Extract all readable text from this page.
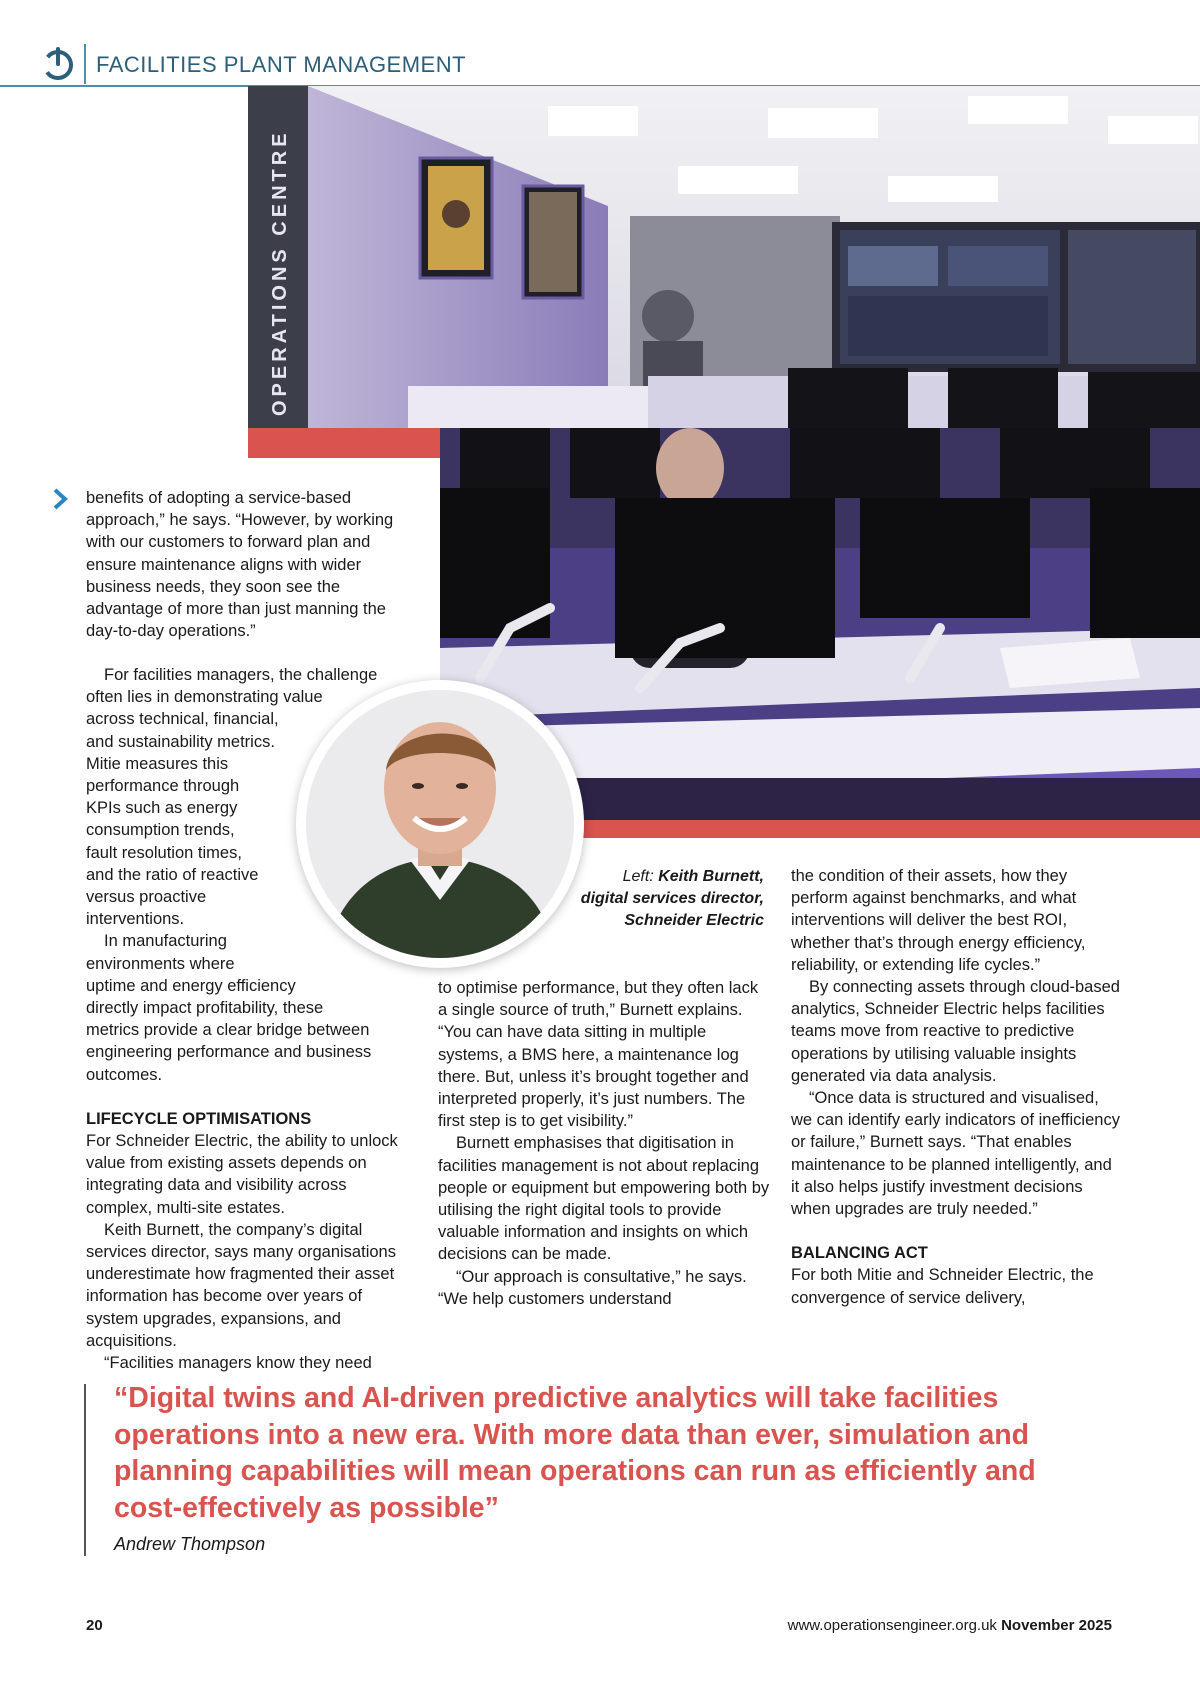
FACILITIES PLANT MANAGEMENT
OPERATIONS CENTRE

benefits of adopting a service-based approach,” he says. “However, by working with our customers to forward plan and ensure maintenance aligns with wider business needs, they soon see the advantage of more than just manning the day-to-day operations.”

For facilities managers, the challenge
often lies in demonstrating value
across technical, financial,
and sustainability metrics.
Mitie measures this
performance through
KPIs such as energy
consumption trends,
fault resolution times,
and the ratio of reactive
versus proactive
interventions.
In manufacturing
environments where
uptime and energy efficiency
directly impact profitability, these
metrics provide a clear bridge between
engineering performance and business
outcomes.
LIFECYCLE OPTIMISATIONS

For Schneider Electric, the ability to unlock value from existing assets depends on integrating data and visibility across complex, multi-site estates.

Keith Burnett, the company’s digital services director, says many organisations underestimate how fragmented their asset information has become over years of system upgrades, expansions, and acquisitions.

“Facilities managers know they need

Left: Keith Burnett,
digital services director,
Schneider Electric

to optimise performance, but they often lack a single source of truth,” Burnett explains. “You can have data sitting in multiple systems, a BMS here, a maintenance log there. But, unless it’s brought together and interpreted properly, it’s just numbers. The first step is to get visibility.”

Burnett emphasises that digitisation in facilities management is not about replacing people or equipment but empowering both by utilising the right digital tools to provide valuable information and insights on which decisions can be made.

“Our approach is consultative,” he says. “We help customers understand

the condition of their assets, how they perform against benchmarks, and what interventions will deliver the best ROI, whether that’s through energy efficiency, reliability, or extending life cycles.”

By connecting assets through cloud-based analytics, Schneider Electric helps facilities teams move from reactive to predictive operations by utilising valuable insights generated via data analysis.

“Once data is structured and visualised, we can identify early indicators of inefficiency or failure,” Burnett says. “That enables maintenance to be planned intelligently, and it also helps justify investment decisions when upgrades are truly needed.”

BALANCING ACT

For both Mitie and Schneider Electric, the convergence of service delivery,

“Digital twins and AI-driven predictive analytics will take facilities operations into a new era. With more data than ever, simulation and planning capabilities will mean operations can run as efficiently and cost-effectively as possible”
Andrew Thompson
20	www.operationsengineer.org.uk November 2025
